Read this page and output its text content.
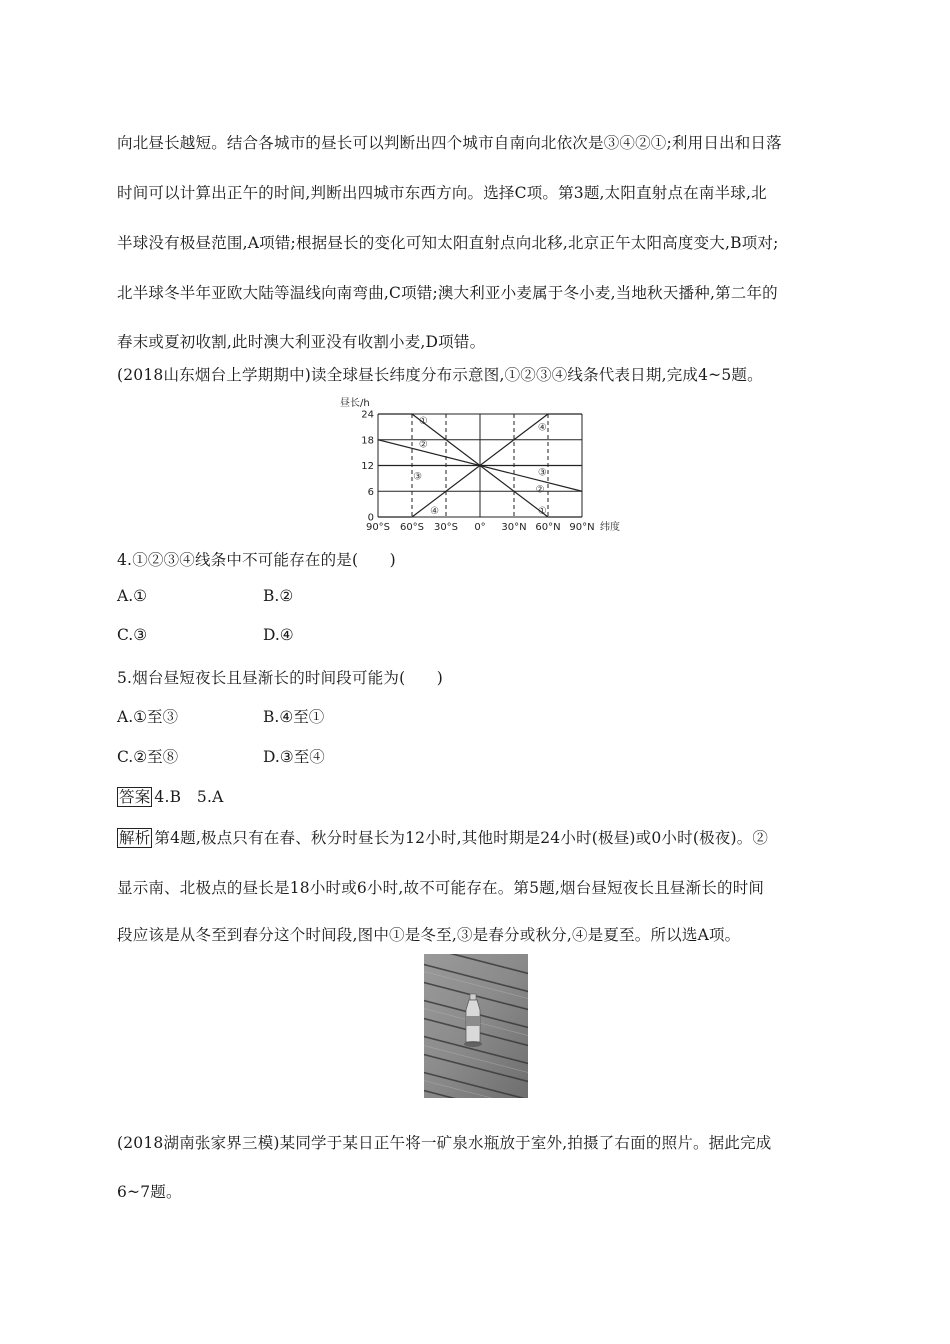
向北昼长越短。结合各城市的昼长可以判断出四个城市自南向北依次是③④②①;利用日出和日落
时间可以计算出正午的时间,判断出四城市东西方向。选择C项。第3题,太阳直射点在南半球,北
半球没有极昼范围,A项错;根据昼长的变化可知太阳直射点向北移,北京正午太阳高度变大,B项对;
北半球冬半年亚欧大陆等温线向南弯曲,C项错;澳大利亚小麦属于冬小麦,当地秋天播种,第二年的
春末或夏初收割,此时澳大利亚没有收割小麦,D项错。
(2018山东烟台上学期期中)读全球昼长纬度分布示意图,①②③④线条代表日期,完成4~5题。
昼长/h
24
18
12
6
0
90°S 60°S 30°S 0° 30°N 60°N 90°N 纬度
①
②
③
④
④
③
②
①
4.①②③④线条中不可能存在的是(　　)
A.①	B.②
C.③	D.④
5.烟台昼短夜长且昼渐长的时间段可能为(　　)
A.①至③	B.④至①
C.②至⑧	D.③至④
答案 4.B　5.A
解析 第4题,极点只有在春、秋分时昼长为12小时,其他时期是24小时(极昼)或0小时(极夜)。②
显示南、北极点的昼长是18小时或6小时,故不可能存在。第5题,烟台昼短夜长且昼渐长的时间
段应该是从冬至到春分这个时间段,图中①是冬至,③是春分或秋分,④是夏至。所以选A项。
(2018湖南张家界三模)某同学于某日正午将一矿泉水瓶放于室外,拍摄了右面的照片。据此完成
6~7题。
